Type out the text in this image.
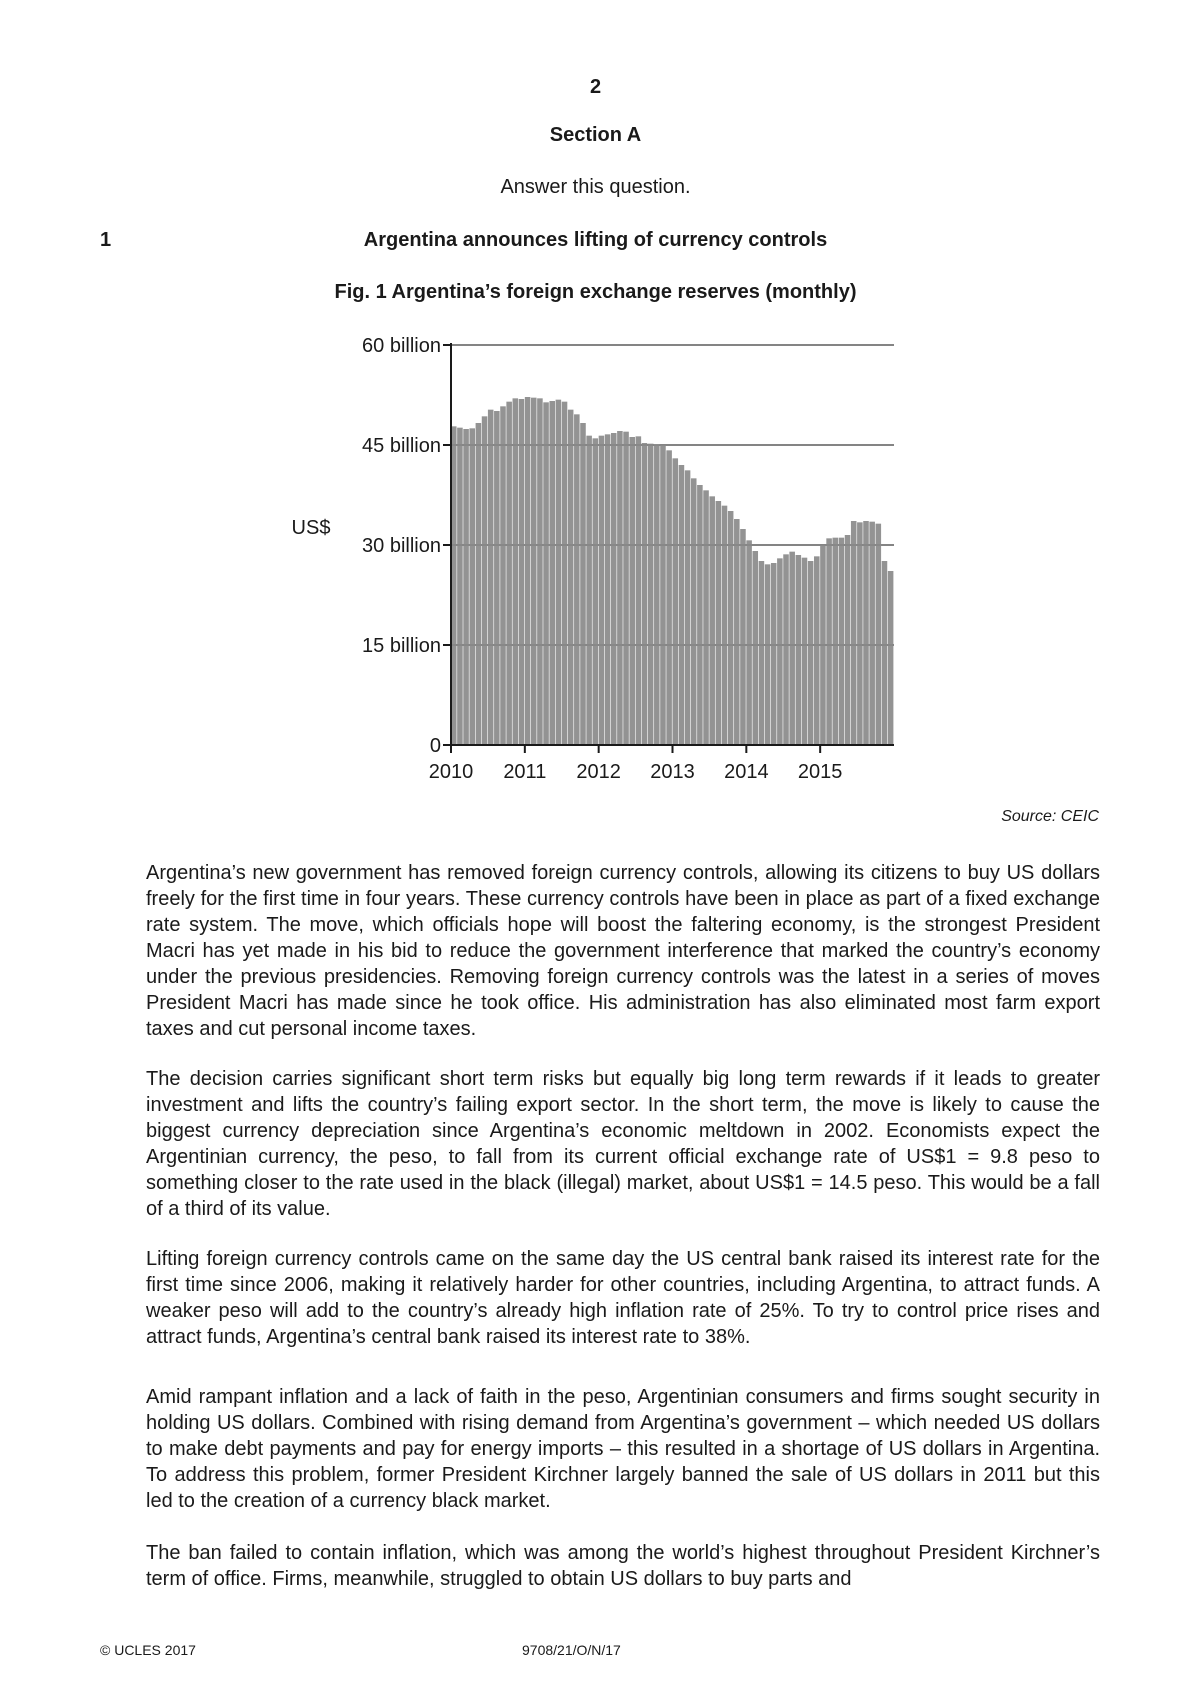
2
Section A
Answer this question.
1	Argentina announces lifting of currency controls
Fig. 1 Argentina’s foreign exchange reserves (monthly)
0
15 billion
30 billion
45 billion
60 billion
2010 2011 2012 2013 2014 2015
US$
Source: CEIC

Argentina’s new government has removed foreign currency controls, allowing its citizens to buy US dollars freely for the first time in four years. These currency controls have been in place as part of a fixed exchange rate system. The move, which officials hope will boost the faltering economy, is the strongest President Macri has yet made in his bid to reduce the government interference that marked the country’s economy under the previous presidencies. Removing foreign currency controls was the latest in a series of moves President Macri has made since he took office. His administration has also eliminated most farm export taxes and cut personal income taxes.

The decision carries significant short term risks but equally big long term rewards if it leads to greater investment and lifts the country’s failing export sector. In the short term, the move is likely to cause the biggest currency depreciation since Argentina’s economic meltdown in 2002. Economists expect the Argentinian currency, the peso, to fall from its current official exchange rate of US$1 = 9.8 peso to something closer to the rate used in the black (illegal) market, about US$1 = 14.5 peso. This would be a fall of a third of its value.

Lifting foreign currency controls came on the same day the US central bank raised its interest rate for the first time since 2006, making it relatively harder for other countries, including Argentina, to attract funds. A weaker peso will add to the country’s already high inflation rate of 25%. To try to control price rises and attract funds, Argentina’s central bank raised its interest rate to 38%.

Amid rampant inflation and a lack of faith in the peso, Argentinian consumers and firms sought security in holding US dollars. Combined with rising demand from Argentina’s government – which needed US dollars to make debt payments and pay for energy imports – this resulted in a shortage of US dollars in Argentina. To address this problem, former President Kirchner largely banned the sale of US dollars in 2011 but this led to the creation of a currency black market.

The ban failed to contain inflation, which was among the world’s highest throughout President Kirchner’s term of office. Firms, meanwhile, struggled to obtain US dollars to buy parts and

© UCLES 2017	9708/21/O/N/17
